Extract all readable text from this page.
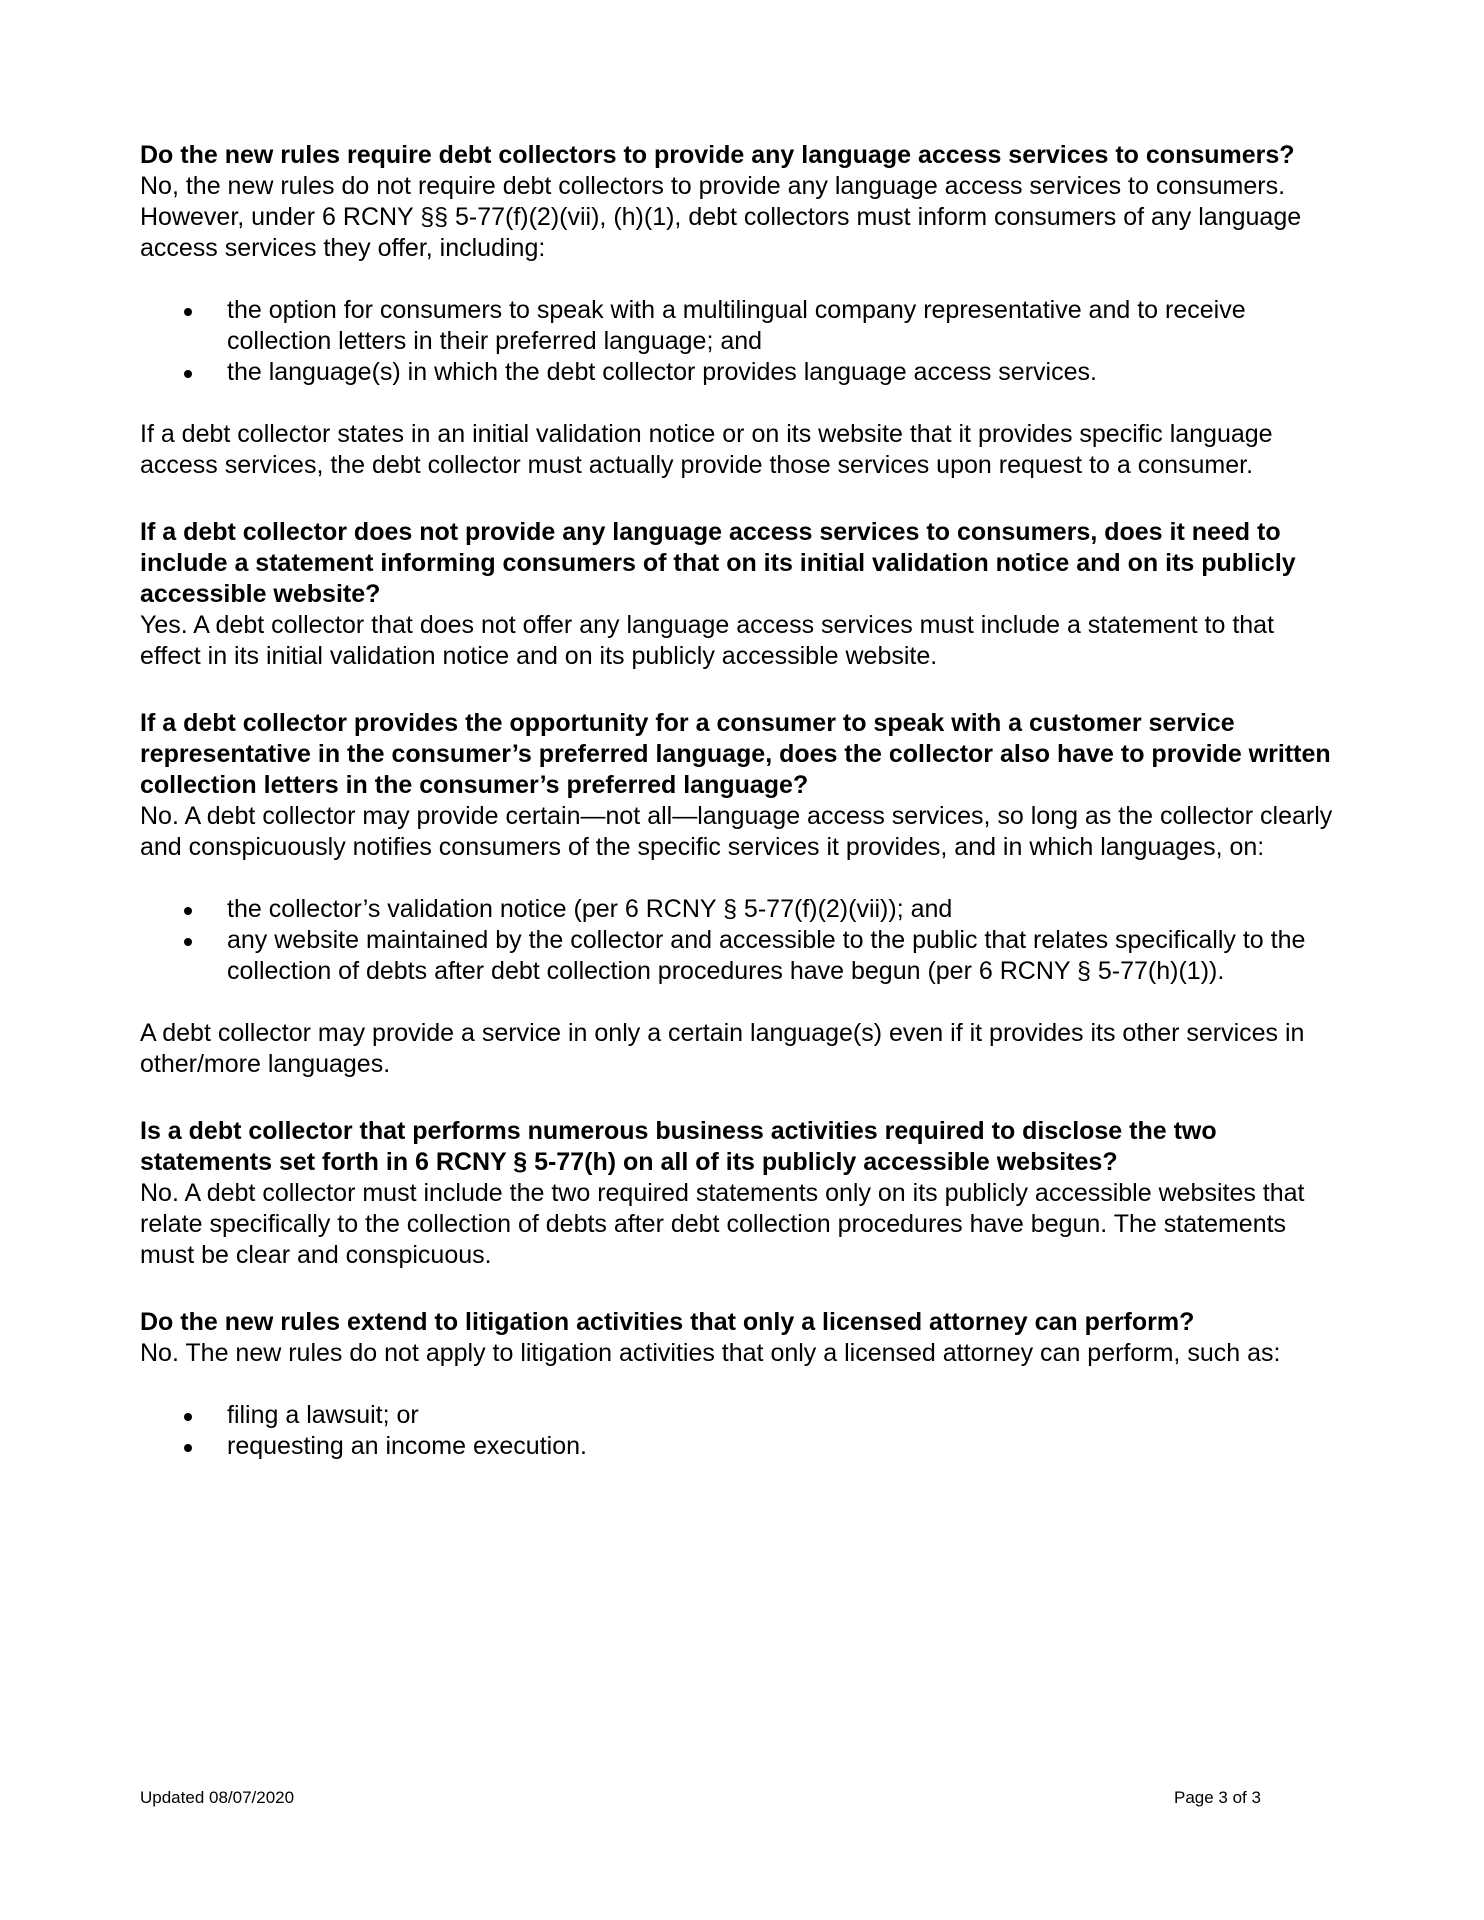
Do the new rules require debt collectors to provide any language access services to consumers?

No, the new rules do not require debt collectors to provide any language access services to consumers. However, under 6 RCNY §§ 5-77(f)(2)(vii), (h)(1), debt collectors must inform consumers of any language access services they offer, including:

the option for consumers to speak with a multilingual company representative and to receive collection letters in their preferred language; and
the language(s) in which the debt collector provides language access services.

If a debt collector states in an initial validation notice or on its website that it provides specific language access services, the debt collector must actually provide those services upon request to a consumer.

If a debt collector does not provide any language access services to consumers, does it need to include a statement informing consumers of that on its initial validation notice and on its publicly accessible website?

Yes. A debt collector that does not offer any language access services must include a statement to that effect in its initial validation notice and on its publicly accessible website.

If a debt collector provides the opportunity for a consumer to speak with a customer service representative in the consumer’s preferred language, does the collector also have to provide written collection letters in the consumer’s preferred language?

No. A debt collector may provide certain—not all—language access services, so long as the collector clearly and conspicuously notifies consumers of the specific services it provides, and in which languages, on:

the collector’s validation notice (per 6 RCNY § 5-77(f)(2)(vii)); and
any website maintained by the collector and accessible to the public that relates specifically to the collection of debts after debt collection procedures have begun (per 6 RCNY § 5-77(h)(1)).

A debt collector may provide a service in only a certain language(s) even if it provides its other services in other/more languages.

Is a debt collector that performs numerous business activities required to disclose the two statements set forth in 6 RCNY § 5-77(h) on all of its publicly accessible websites?

No. A debt collector must include the two required statements only on its publicly accessible websites that relate specifically to the collection of debts after debt collection procedures have begun. The statements must be clear and conspicuous.

Do the new rules extend to litigation activities that only a licensed attorney can perform?

No. The new rules do not apply to litigation activities that only a licensed attorney can perform, such as:

filing a lawsuit; or
requesting an income execution.
Updated 08/07/2020	Page 3 of 3
